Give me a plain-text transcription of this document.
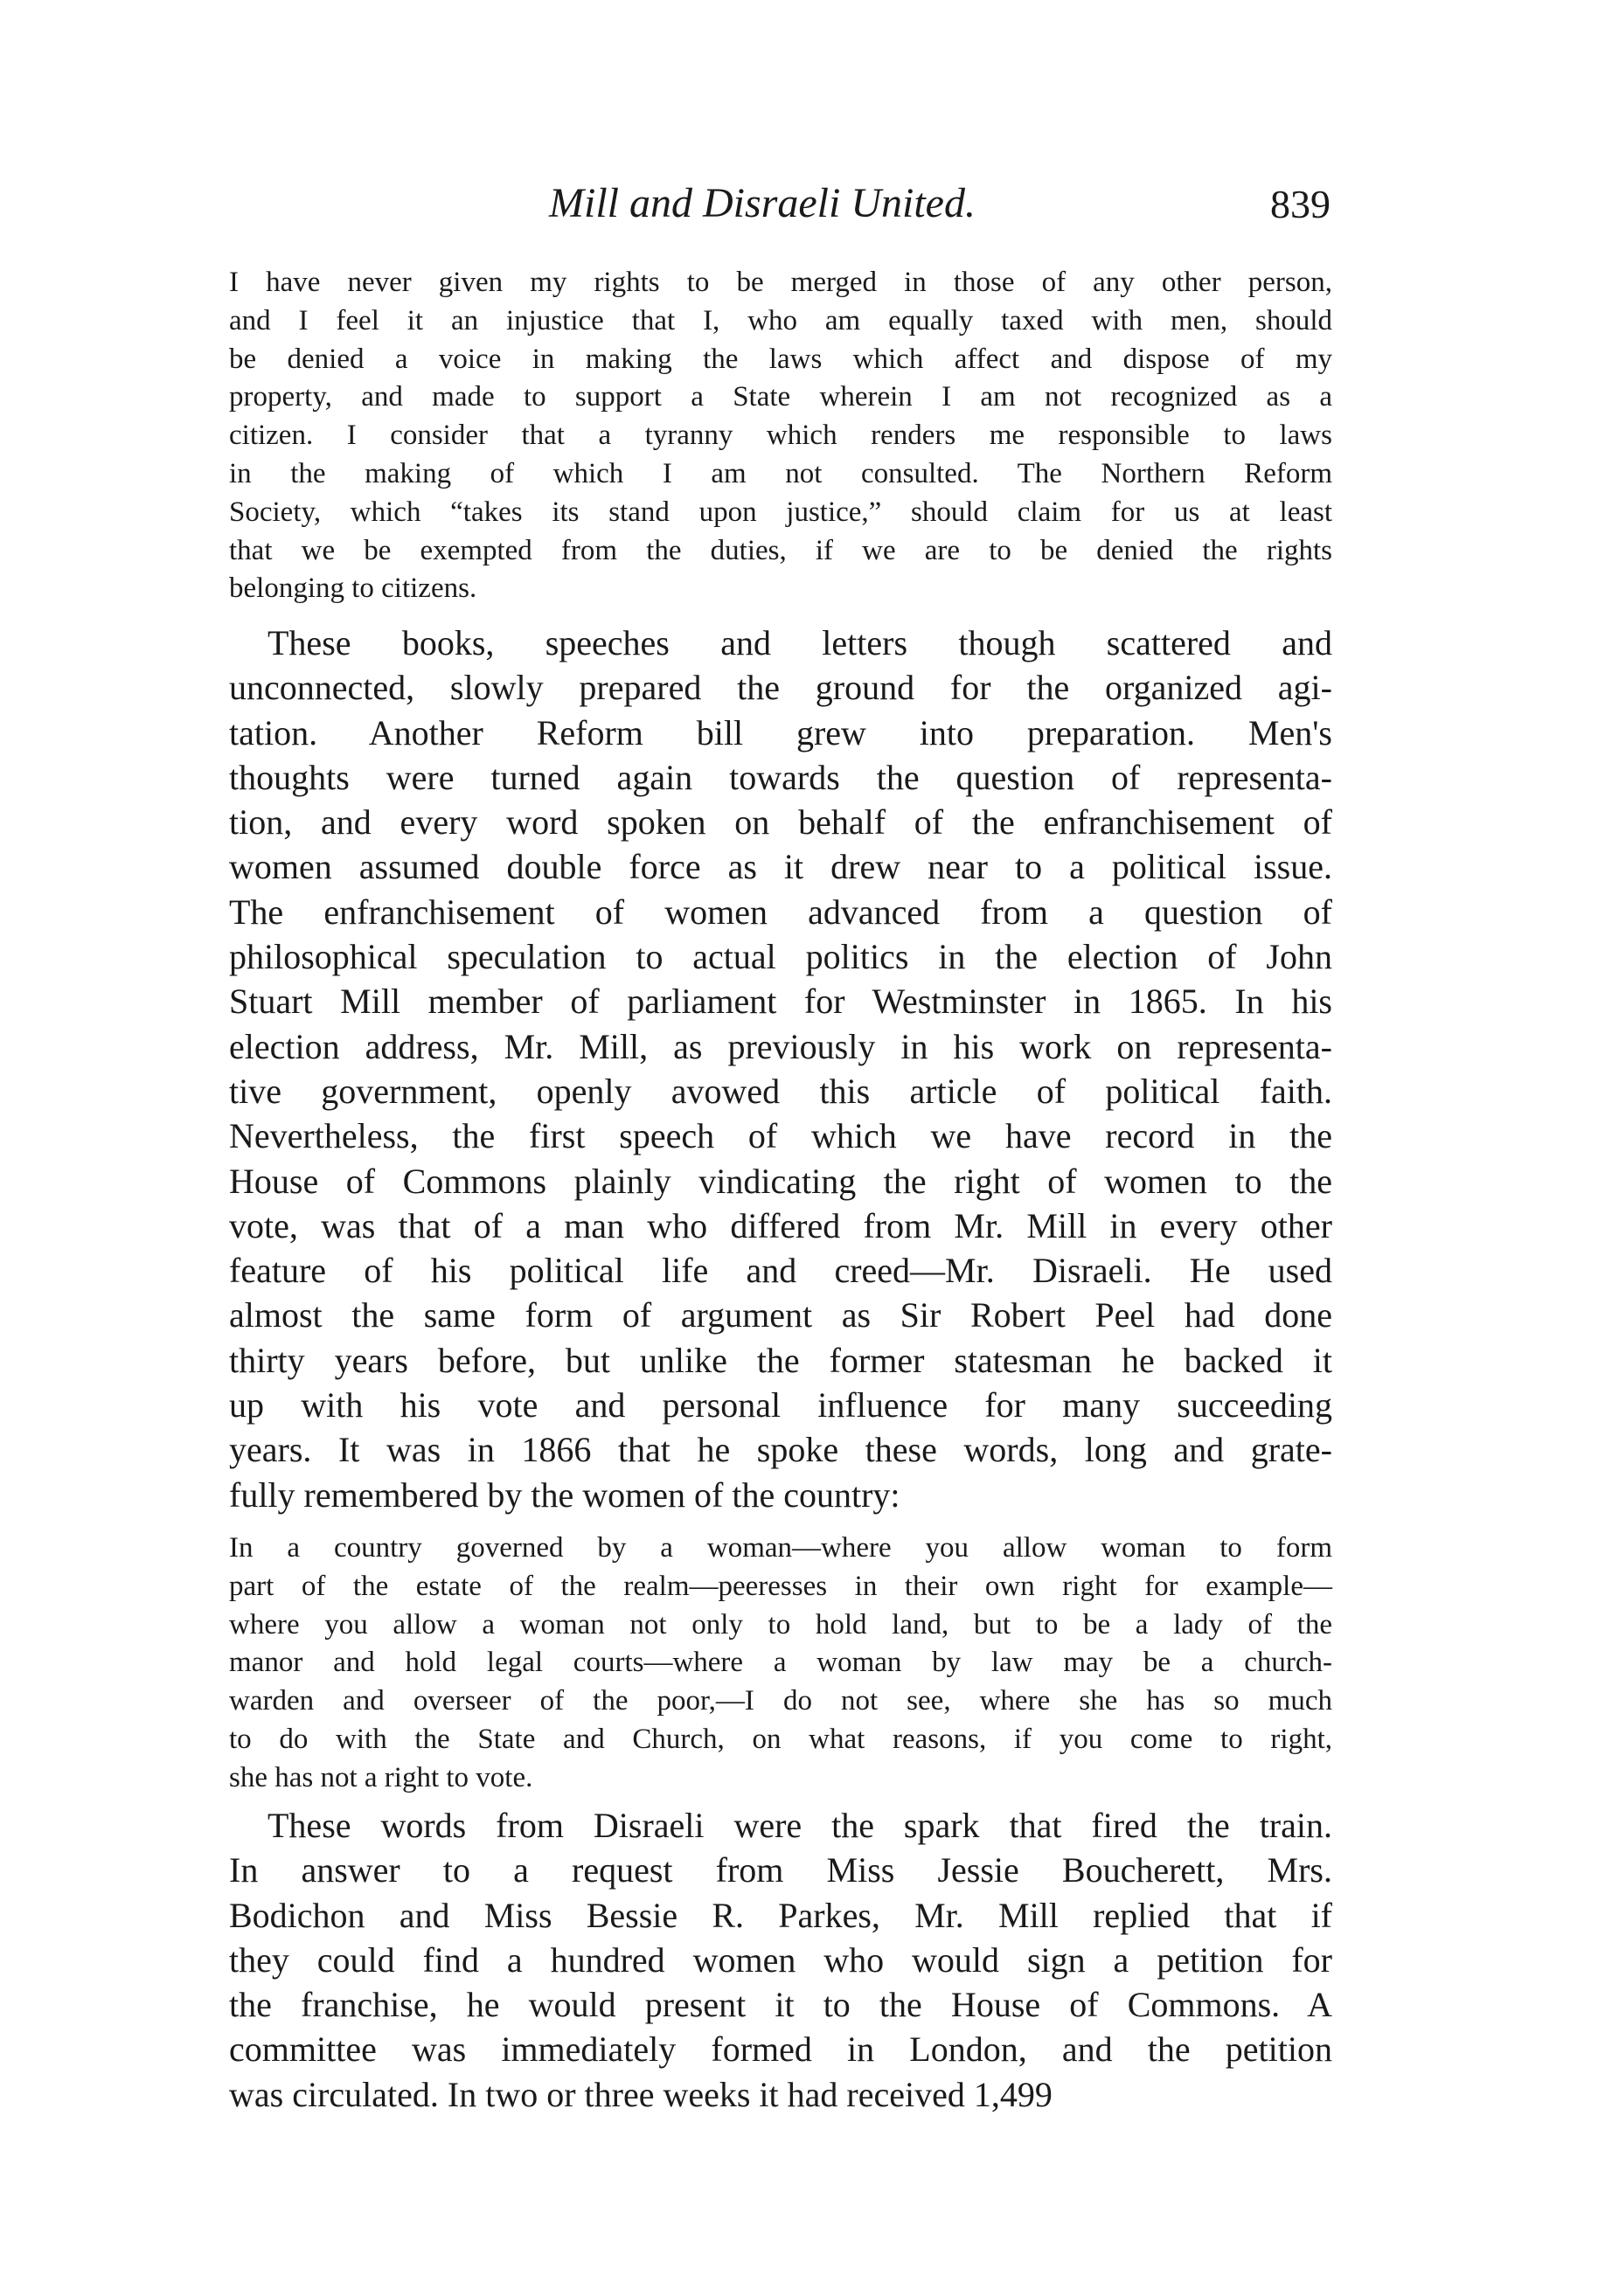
Mill and Disraeli United.	839
I have never given my rights to be merged in those of any other person,
and I feel it an injustice that I, who am equally taxed with men, should
be denied a voice in making the laws which affect and dispose of my
property, and made to support a State wherein I am not recognized as a
citizen. I consider that a tyranny which renders me responsible to laws
in the making of which I am not consulted. The Northern Reform
Society, which “takes its stand upon justice,” should claim for us at least
that we be exempted from the duties, if we are to be denied the rights
belonging to citizens.
These books, speeches and letters though scattered and
unconnected, slowly prepared the ground for the organized agi-
tation. Another Reform bill grew into preparation. Men's
thoughts were turned again towards the question of representa-
tion, and every word spoken on behalf of the enfranchisement of
women assumed double force as it drew near to a political issue.
The enfranchisement of women advanced from a question of
philosophical speculation to actual politics in the election of John
Stuart Mill member of parliament for Westminster in 1865. In his
election address, Mr. Mill, as previously in his work on representa-
tive government, openly avowed this article of political faith.
Nevertheless, the first speech of which we have record in the
House of Commons plainly vindicating the right of women to the
vote, was that of a man who differed from Mr. Mill in every other
feature of his political life and creed—Mr. Disraeli. He used
almost the same form of argument as Sir Robert Peel had done
thirty years before, but unlike the former statesman he backed it
up with his vote and personal influence for many succeeding
years. It was in 1866 that he spoke these words, long and grate-
fully remembered by the women of the country:
In a country governed by a woman—where you allow woman to form
part of the estate of the realm—peeresses in their own right for example—
where you allow a woman not only to hold land, but to be a lady of the
manor and hold legal courts—where a woman by law may be a church-
warden and overseer of the poor,—I do not see, where she has so much
to do with the State and Church, on what reasons, if you come to right,
she has not a right to vote.
These words from Disraeli were the spark that fired the train.
In answer to a request from Miss Jessie Boucherett, Mrs.
Bodichon and Miss Bessie R. Parkes, Mr. Mill replied that if
they could find a hundred women who would sign a petition for
the franchise, he would present it to the House of Commons. A
committee was immediately formed in London, and the petition
was circulated. In two or three weeks it had received 1,499
